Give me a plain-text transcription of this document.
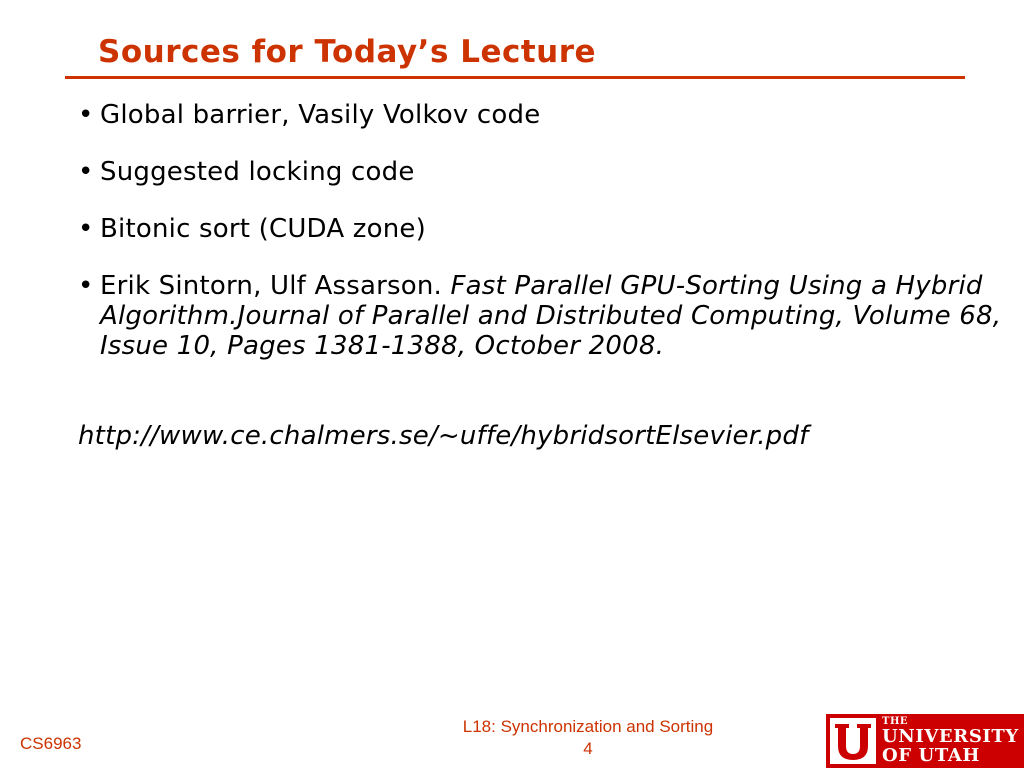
Sources for Today’s Lecture
• Global barrier, Vasily Volkov code
• Suggested locking code
• Bitonic sort (CUDA zone)
• Erik Sintorn, Ulf Assarson. Fast Parallel GPU-Sorting Using a Hybrid Algorithm.Journal of Parallel and Distributed Computing, Volume 68, Issue 10, Pages 1381-1388, October 2008.

http://www.ce.chalmers.se/~uffe/hybridsortElsevier.pdf

CS6963
L18: Synchronization and Sorting
4
THE
UNIVERSITY
OF UTAH
